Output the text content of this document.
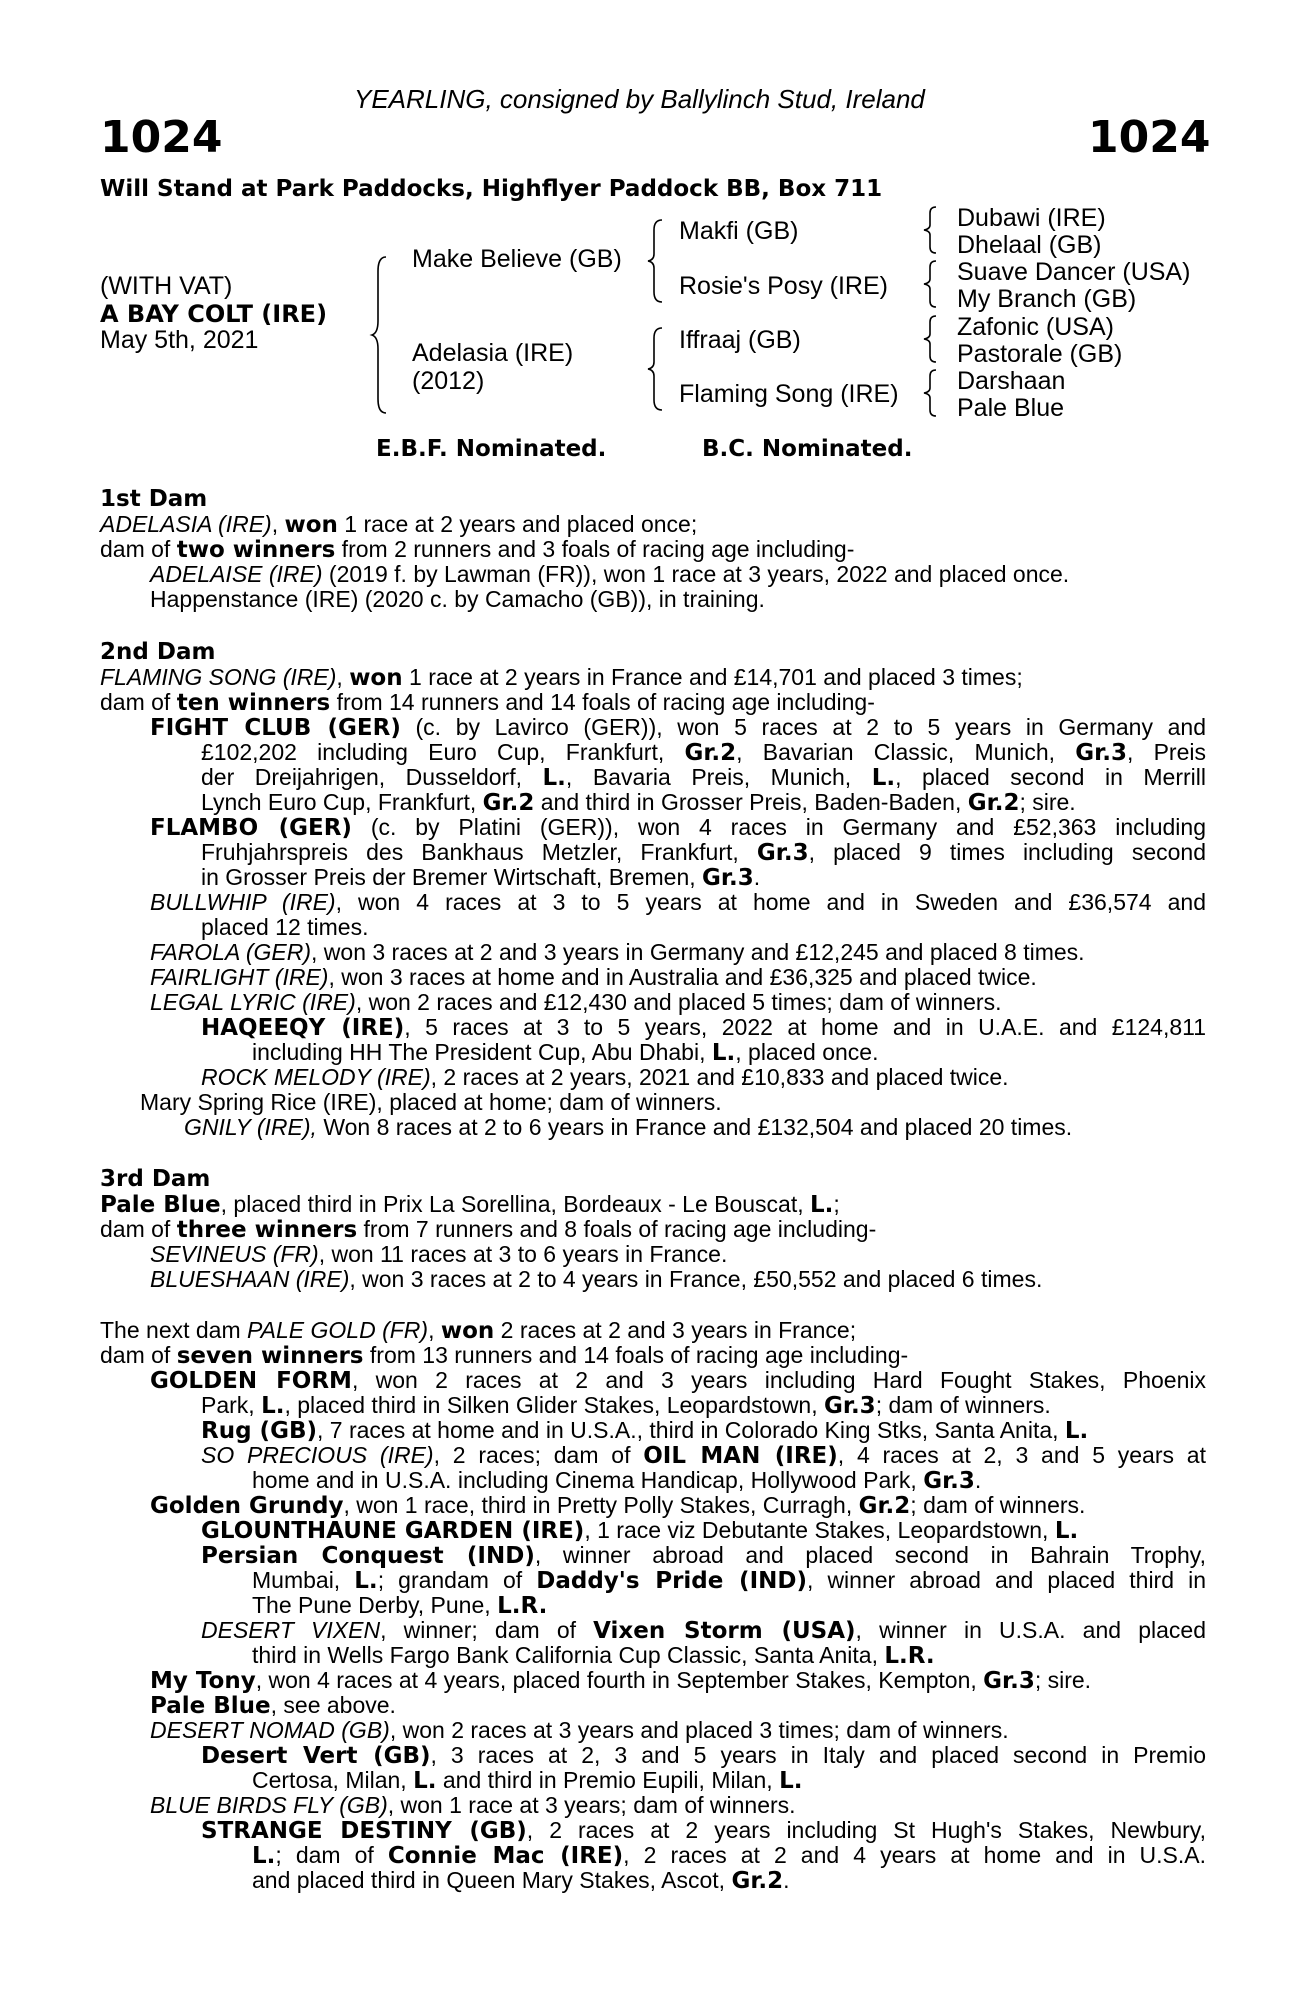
YEARLING, consigned by Ballylinch Stud, Ireland
1024	1024
Will Stand at Park Paddocks, Highflyer Paddock BB, Box 711
(WITH VAT)
A BAY COLT (IRE)
May 5th, 2021
Make Believe (GB)
Adelasia (IRE)
(2012)
Makfi (GB)
Rosie's Posy (IRE)
Iffraaj (GB)
Flaming Song (IRE)
Dubawi (IRE)
Dhelaal (GB)
Suave Dancer (USA)
My Branch (GB)
Zafonic (USA)
Pastorale (GB)
Darshaan
Pale Blue
E.B.F. Nominated.	B.C. Nominated.
1st Dam
ADELASIA (IRE), won 1 race at 2 years and placed once;
dam of two winners from 2 runners and 3 foals of racing age including-
ADELAISE (IRE) (2019 f. by Lawman (FR)), won 1 race at 3 years, 2022 and placed once.
Happenstance (IRE) (2020 c. by Camacho (GB)), in training.
2nd Dam
FLAMING SONG (IRE), won 1 race at 2 years in France and £14,701 and placed 3 times;
dam of ten winners from 14 runners and 14 foals of racing age including-
FIGHT CLUB (GER) (c. by Lavirco (GER)), won 5 races at 2 to 5 years in Germany and
£102,202 including Euro Cup, Frankfurt, Gr.2, Bavarian Classic, Munich, Gr.3, Preis
der Dreijahrigen, Dusseldorf, L., Bavaria Preis, Munich, L., placed second in Merrill
Lynch Euro Cup, Frankfurt, Gr.2 and third in Grosser Preis, Baden-Baden, Gr.2; sire.
FLAMBO (GER) (c. by Platini (GER)), won 4 races in Germany and £52,363 including
Fruhjahrspreis des Bankhaus Metzler, Frankfurt, Gr.3, placed 9 times including second
in Grosser Preis der Bremer Wirtschaft, Bremen, Gr.3.
BULLWHIP (IRE), won 4 races at 3 to 5 years at home and in Sweden and £36,574 and
placed 12 times.
FAROLA (GER), won 3 races at 2 and 3 years in Germany and £12,245 and placed 8 times.
FAIRLIGHT (IRE), won 3 races at home and in Australia and £36,325 and placed twice.
LEGAL LYRIC (IRE), won 2 races and £12,430 and placed 5 times; dam of winners.
HAQEEQY (IRE), 5 races at 3 to 5 years, 2022 at home and in U.A.E. and £124,811
including HH The President Cup, Abu Dhabi, L., placed once.
ROCK MELODY (IRE), 2 races at 2 years, 2021 and £10,833 and placed twice.
Mary Spring Rice (IRE), placed at home; dam of winners.
GNILY (IRE), Won 8 races at 2 to 6 years in France and £132,504 and placed 20 times.
3rd Dam
Pale Blue, placed third in Prix La Sorellina, Bordeaux - Le Bouscat, L.;
dam of three winners from 7 runners and 8 foals of racing age including-
SEVINEUS (FR), won 11 races at 3 to 6 years in France.
BLUESHAAN (IRE), won 3 races at 2 to 4 years in France, £50,552 and placed 6 times.
The next dam PALE GOLD (FR), won 2 races at 2 and 3 years in France;
dam of seven winners from 13 runners and 14 foals of racing age including-
GOLDEN FORM, won 2 races at 2 and 3 years including Hard Fought Stakes, Phoenix
Park, L., placed third in Silken Glider Stakes, Leopardstown, Gr.3; dam of winners.
Rug (GB), 7 races at home and in U.S.A., third in Colorado King Stks, Santa Anita, L.
SO PRECIOUS (IRE), 2 races; dam of OIL MAN (IRE), 4 races at 2, 3 and 5 years at
home and in U.S.A. including Cinema Handicap, Hollywood Park, Gr.3.
Golden Grundy, won 1 race, third in Pretty Polly Stakes, Curragh, Gr.2; dam of winners.
GLOUNTHAUNE GARDEN (IRE), 1 race viz Debutante Stakes, Leopardstown, L.
Persian Conquest (IND), winner abroad and placed second in Bahrain Trophy,
Mumbai, L.; grandam of Daddy's Pride (IND), winner abroad and placed third in
The Pune Derby, Pune, L.R.
DESERT VIXEN, winner; dam of Vixen Storm (USA), winner in U.S.A. and placed
third in Wells Fargo Bank California Cup Classic, Santa Anita, L.R.
My Tony, won 4 races at 4 years, placed fourth in September Stakes, Kempton, Gr.3; sire.
Pale Blue, see above.
DESERT NOMAD (GB), won 2 races at 3 years and placed 3 times; dam of winners.
Desert Vert (GB), 3 races at 2, 3 and 5 years in Italy and placed second in Premio
Certosa, Milan, L. and third in Premio Eupili, Milan, L.
BLUE BIRDS FLY (GB), won 1 race at 3 years; dam of winners.
STRANGE DESTINY (GB), 2 races at 2 years including St Hugh's Stakes, Newbury,
L.; dam of Connie Mac (IRE), 2 races at 2 and 4 years at home and in U.S.A.
and placed third in Queen Mary Stakes, Ascot, Gr.2.
